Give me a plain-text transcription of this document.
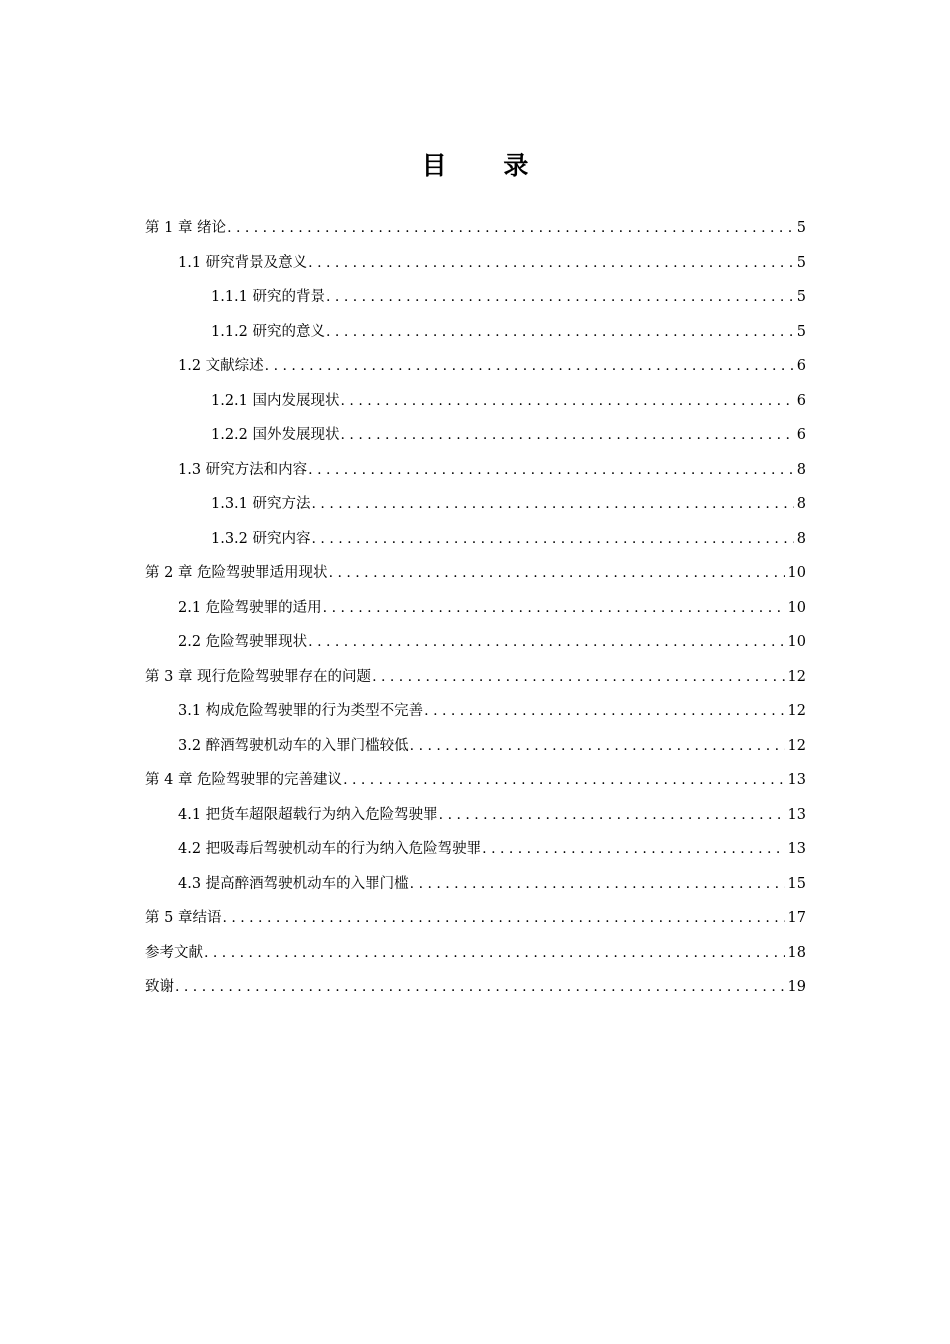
目 录
第 1 章 绪论 . . .	5
1.1 研究背景及意义 . . .	5
1.1.1 研究的背景 . . .	5
1.1.2 研究的意义 . . .	5
1.2 文献综述 . . .	6
1.2.1 国内发展现状 . . .	6
1.2.2 国外发展现状 . . .	6
1.3 研究方法和内容 . . .	8
1.3.1 研究方法 . . .	8
1.3.2 研究内容 . . .	8
第 2 章 危险驾驶罪适用现状 . . .	10
2.1 危险驾驶罪的适用 . . .	10
2.2 危险驾驶罪现状 . . .	10
第 3 章 现行危险驾驶罪存在的问题 . . .	12
3.1 构成危险驾驶罪的行为类型不完善 . . .	12
3.2 醉酒驾驶机动车的入罪门槛较低 . . .	12
第 4 章 危险驾驶罪的完善建议 . . .	13
4.1 把货车超限超载行为纳入危险驾驶罪 . . .	13
4.2 把吸毒后驾驶机动车的行为纳入危险驾驶罪 . . .	13
4.3 提高醉酒驾驶机动车的入罪门槛 . . .	15
第 5 章结语 . . .	17
参考文献 . . .	18
致谢 . . .	19
